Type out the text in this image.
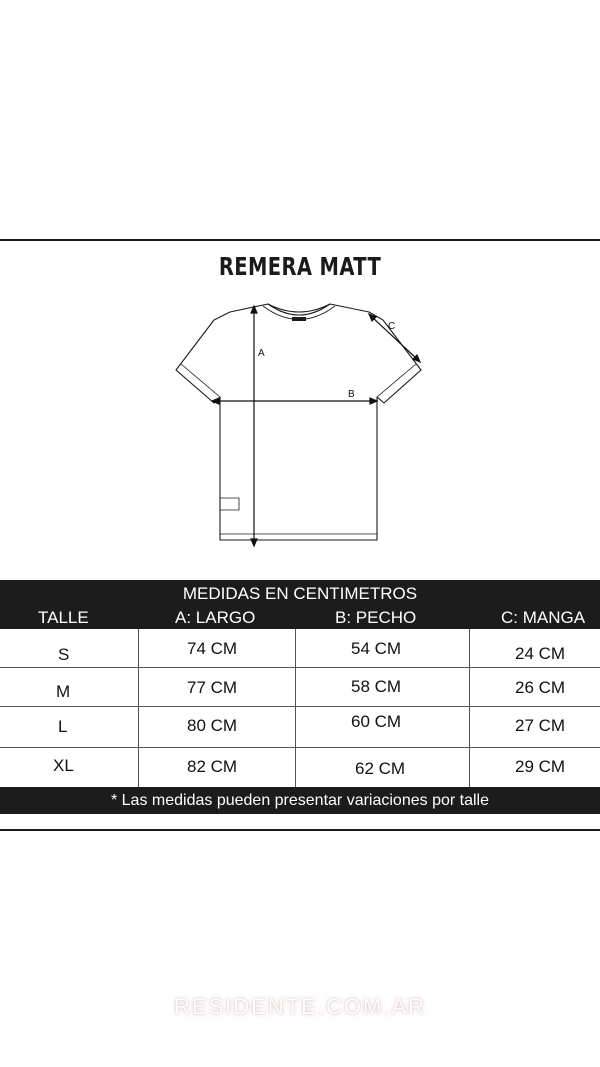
REMERA MATT
A
B
C
MEDIDAS EN CENTIMETROS
TALLE	A: LARGO	B: PECHO	C: MANGA
S	74 CM	54 CM	24 CM
M	77 CM	58 CM	26 CM
L	80 CM	60 CM	27 CM
XL	82 CM	62 CM	29 CM
* Las medidas pueden presentar variaciones por talle
RESIDENTE.COM.AR
